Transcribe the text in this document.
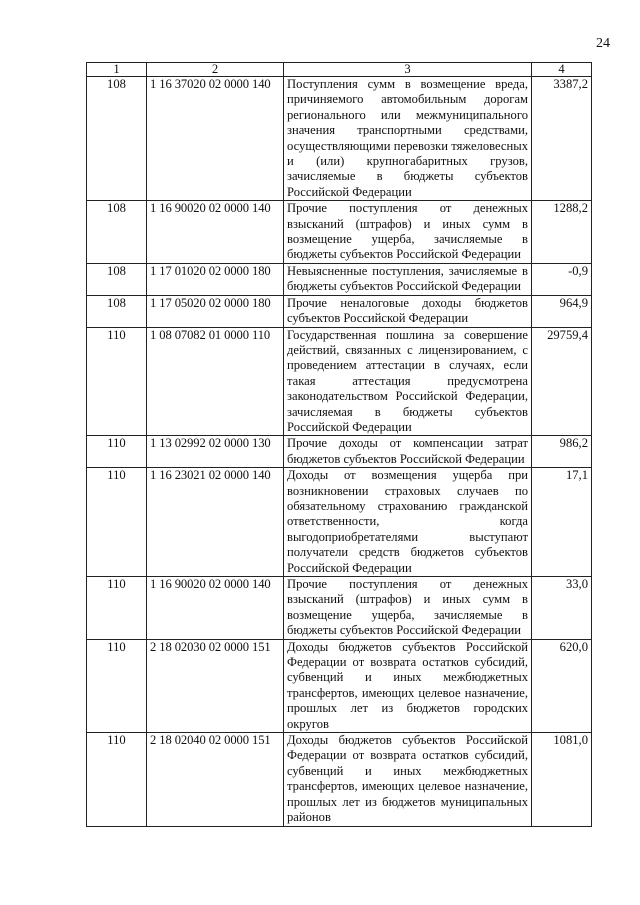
24
1	2	3	4
108	1 16 37020 02 0000 140	Поступления сумм в возмещение вреда, причиняемого автомобильным дорогам регионального или межмуниципального значения транспортными средствами, осуществляющими перевозки тяжеловесных и (или) крупногабаритных грузов, зачисляемые в бюджеты субъектов Российской Федерации	3387,2
108	1 16 90020 02 0000 140	Прочие поступления от денежных взысканий (штрафов) и иных сумм в возмещение ущерба, зачисляемые в бюджеты субъектов Российской Федерации	1288,2
108	1 17 01020 02 0000 180	Невыясненные поступления, зачисляемые в бюджеты субъектов Российской Федерации	-0,9
108	1 17 05020 02 0000 180	Прочие неналоговые доходы бюджетов субъектов Российской Федерации	964,9
110	1 08 07082 01 0000 110	Государственная пошлина за совершение действий, связанных с лицензированием, с проведением аттестации в случаях, если такая аттестация предусмотрена законодательством Российской Федерации, зачисляемая в бюджеты субъектов Российской Федерации	29759,4
110	1 13 02992 02 0000 130	Прочие доходы от компенсации затрат бюджетов субъектов Российской Федерации	986,2
110	1 16 23021 02 0000 140	Доходы от возмещения ущерба при возникновении страховых случаев по обязательному страхованию гражданской ответственности, когда выгодоприобретателями выступают получатели средств бюджетов субъектов Российской Федерации	17,1
110	1 16 90020 02 0000 140	Прочие поступления от денежных взысканий (штрафов) и иных сумм в возмещение ущерба, зачисляемые в бюджеты субъектов Российской Федерации	33,0
110	2 18 02030 02 0000 151	Доходы бюджетов субъектов Российской Федерации от возврата остатков субсидий, субвенций и иных межбюджетных трансфертов, имеющих целевое назначение, прошлых лет из бюджетов городских округов	620,0
110	2 18 02040 02 0000 151	Доходы бюджетов субъектов Российской Федерации от возврата остатков субсидий, субвенций и иных межбюджетных трансфертов, имеющих целевое назначение, прошлых лет из бюджетов муниципальных районов	1081,0
